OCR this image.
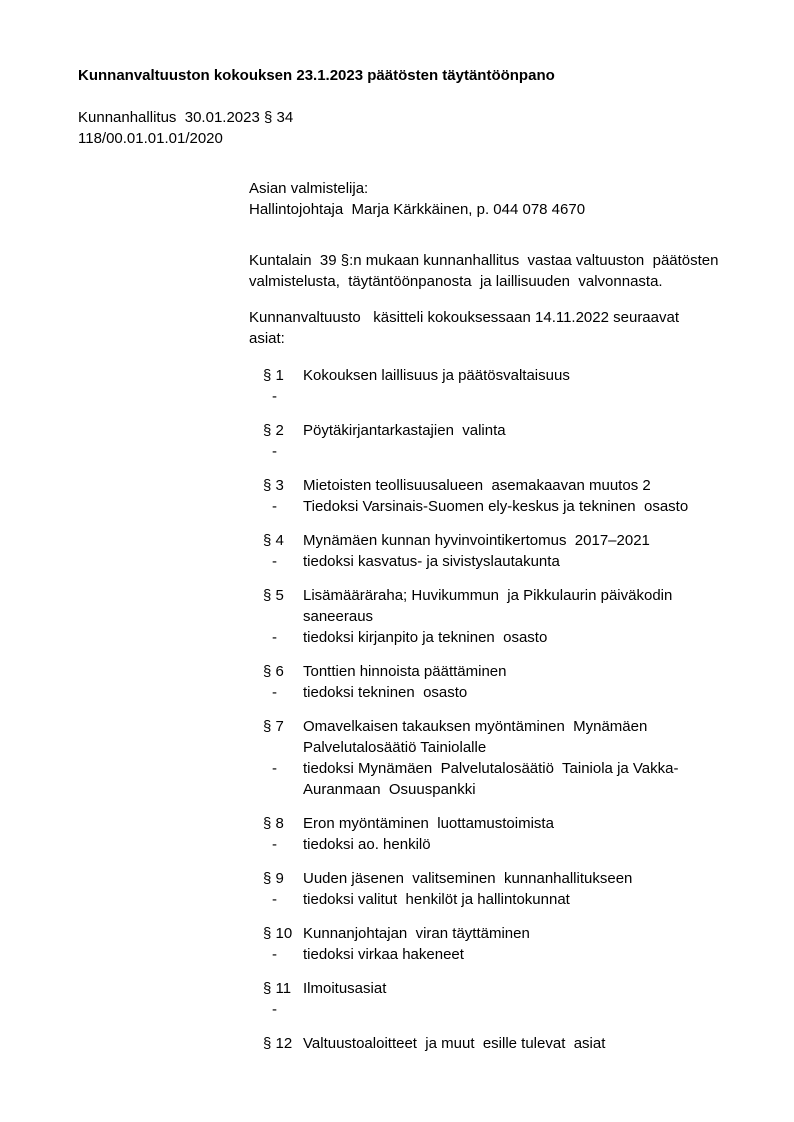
Kunnanvaltuuston kokouksen 23.1.2023 päätösten täytäntöönpano
Kunnanhallitus  30.01.2023 § 34
118/00.01.01.01/2020
Asian valmistelija:
Hallintojohtaja  Marja Kärkkäinen, p. 044 078 4670
Kuntalain  39 §:n mukaan kunnanhallitus  vastaa valtuuston  päätösten valmistelusta,  täytäntöönpanosta  ja laillisuuden  valvonnasta.
Kunnanvaltuusto   käsitteli kokouksessaan 14.11.2022 seuraavat asiat:
§ 1	Kokouksen laillisuus ja päätösvaltaisuus
-
§ 2	Pöytäkirjantarkastajien  valinta
-
§ 3	Mietoisten teollisuusalueen  asemakaavan muutos 2
-	Tiedoksi Varsinais-Suomen ely-keskus ja tekninen  osasto
§ 4	Mynämäen kunnan hyvinvointikertomus  2017–2021
-	tiedoksi kasvatus- ja sivistyslautakunta
§ 5	Lisämääräraha; Huvikummun  ja Pikkulaurin päiväkodin saneeraus
-	tiedoksi kirjanpito ja tekninen  osasto
§ 6	Tonttien hinnoista päättäminen
-	tiedoksi tekninen  osasto
§ 7	Omavelkaisen takauksen myöntäminen  Mynämäen Palvelutalosäätiö Tainiolalle
-	tiedoksi Mynämäen  Palvelutalosäätiö  Tainiola ja Vakka-Auranmaan  Osuuspankki
§ 8	Eron myöntäminen  luottamustoimista
-	tiedoksi ao. henkilö
§ 9	Uuden jäsenen  valitseminen  kunnanhallitukseen
-	tiedoksi valitut  henkilöt ja hallintokunnat
§ 10 Kunnanjohtajan  viran täyttäminen
-	tiedoksi virkaa hakeneet
§ 11 Ilmoitusasiat
-
§ 12 Valtuustoaloitteet  ja muut  esille tulevat  asiat
